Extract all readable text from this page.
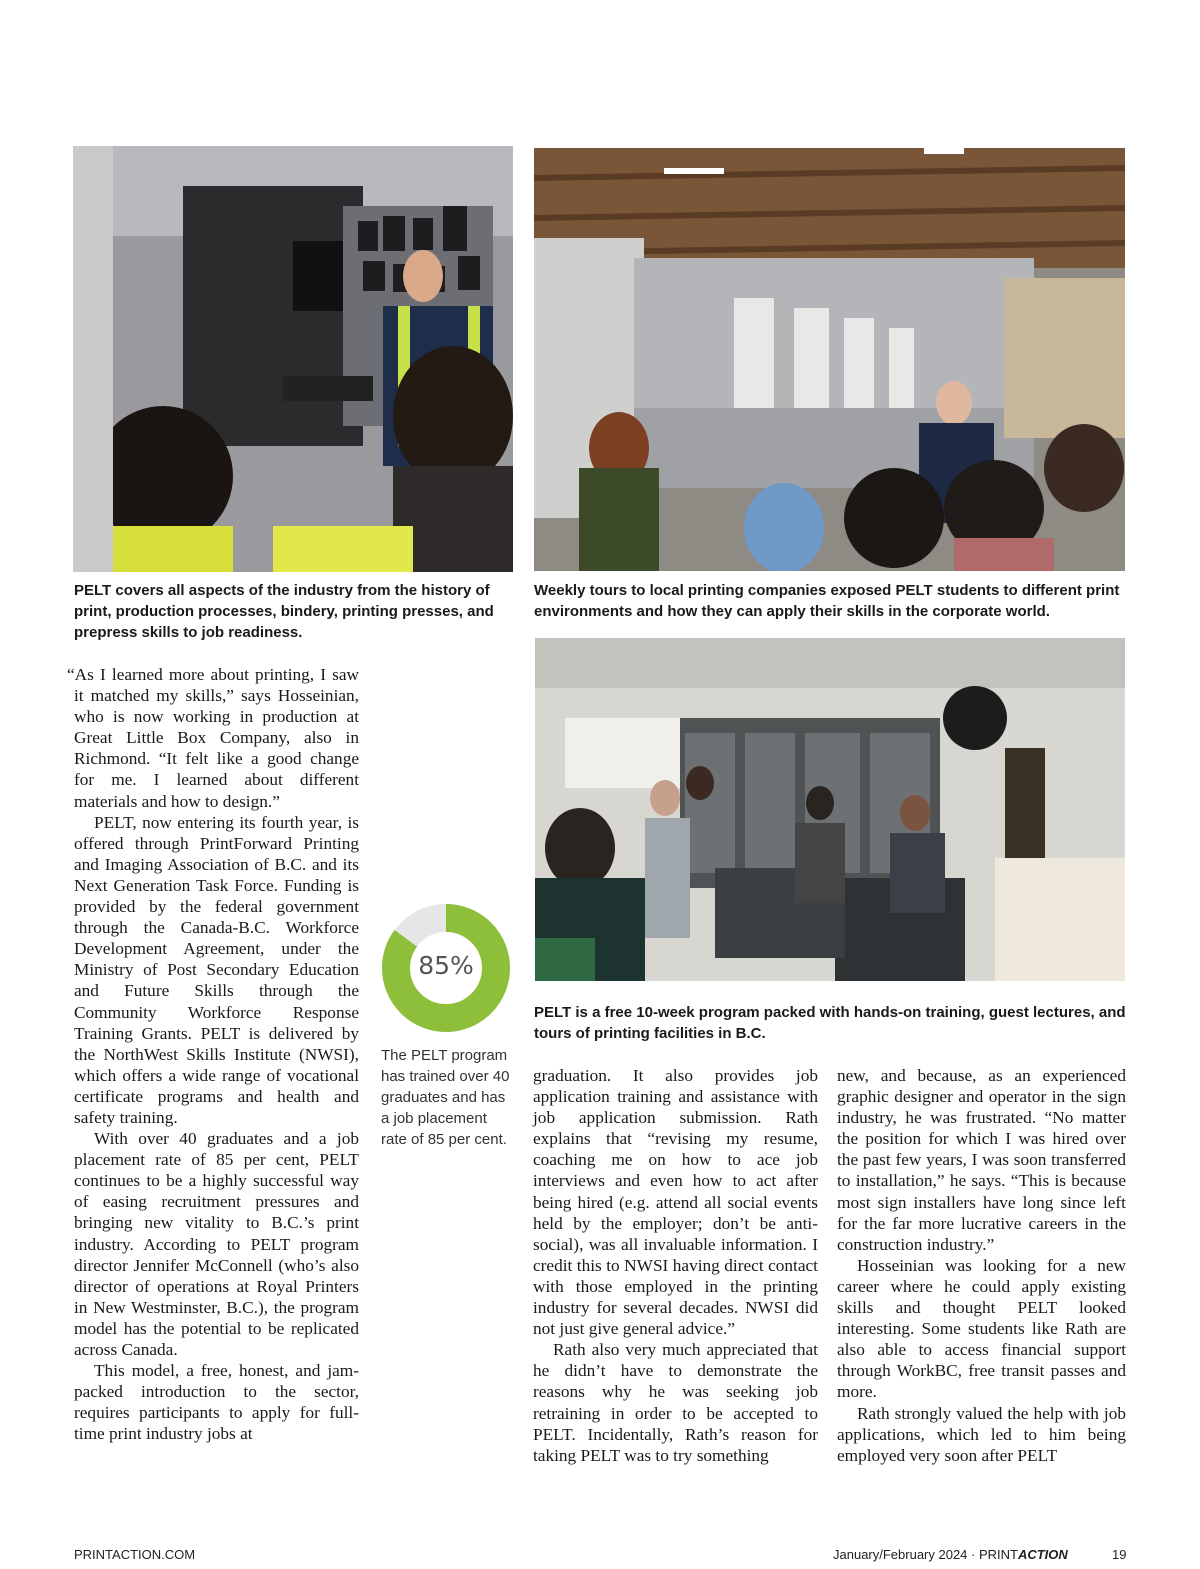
PELT covers all aspects of the industry from the history of print, production processes, bindery, printing presses, and prepress skills to job readiness.
Weekly tours to local printing companies exposed PELT students to different print environments and how they can apply their skills in the corporate world.
PELT is a free 10-week program packed with hands-on training, guest lectures, and tours of printing facilities in B.C.
85%
The PELT program has trained over 40 graduates and has a job placement rate of 85 per cent.

“As I learned more about printing, I saw it matched my skills,” says Hosseinian, who is now working in production at Great Little Box Company, also in Richmond. “It felt like a good change for me. I learned about different materials and how to design.”

PELT, now entering its fourth year, is offered through PrintForward Printing and Imaging Association of B.C. and its Next Generation Task Force. Funding is provided by the federal government through the Canada-B.C. Workforce Development Agreement, under the Ministry of Post Secondary Education and Future Skills through the Community Workforce Response Training Grants. PELT is delivered by the NorthWest Skills Institute (NWSI), which offers a wide range of vocational certificate programs and health and safety training.

With over 40 graduates and a job placement rate of 85 per cent, PELT continues to be a highly successful way of easing recruitment pressures and bringing new vitality to B.C.’s print industry. According to PELT program director Jennifer McConnell (who’s also director of operations at Royal Printers in New Westminster, B.C.), the program model has the potential to be replicated across Canada.

This model, a free, honest, and jam-packed introduction to the sector, requires participants to apply for full-time print industry jobs at

graduation. It also provides job application training and assistance with job application submission. Rath explains that “revising my resume, coaching me on how to ace job interviews and even how to act after being hired (e.g. attend all social events held by the employer; don’t be anti-social), was all invaluable information. I credit this to NWSI having direct contact with those employed in the printing industry for several decades. NWSI did not just give general advice.”

Rath also very much appreciated that he didn’t have to demonstrate the reasons why he was seeking job retraining in order to be accepted to PELT. Incidentally, Rath’s reason for taking PELT was to try something

new, and because, as an experienced graphic designer and operator in the sign industry, he was frustrated. “No matter the position for which I was hired over the past few years, I was soon transferred to installation,” he says. “This is because most sign installers have long since left for the far more lucrative careers in the construction industry.”

Hosseinian was looking for a new career where he could apply existing skills and thought PELT looked interesting. Some students like Rath are also able to access financial support through WorkBC, free transit passes and more.

Rath strongly valued the help with job applications, which led to him being employed very soon after PELT

PRINTACTION.COM	January/February 2024 · PRINTACTION	19
